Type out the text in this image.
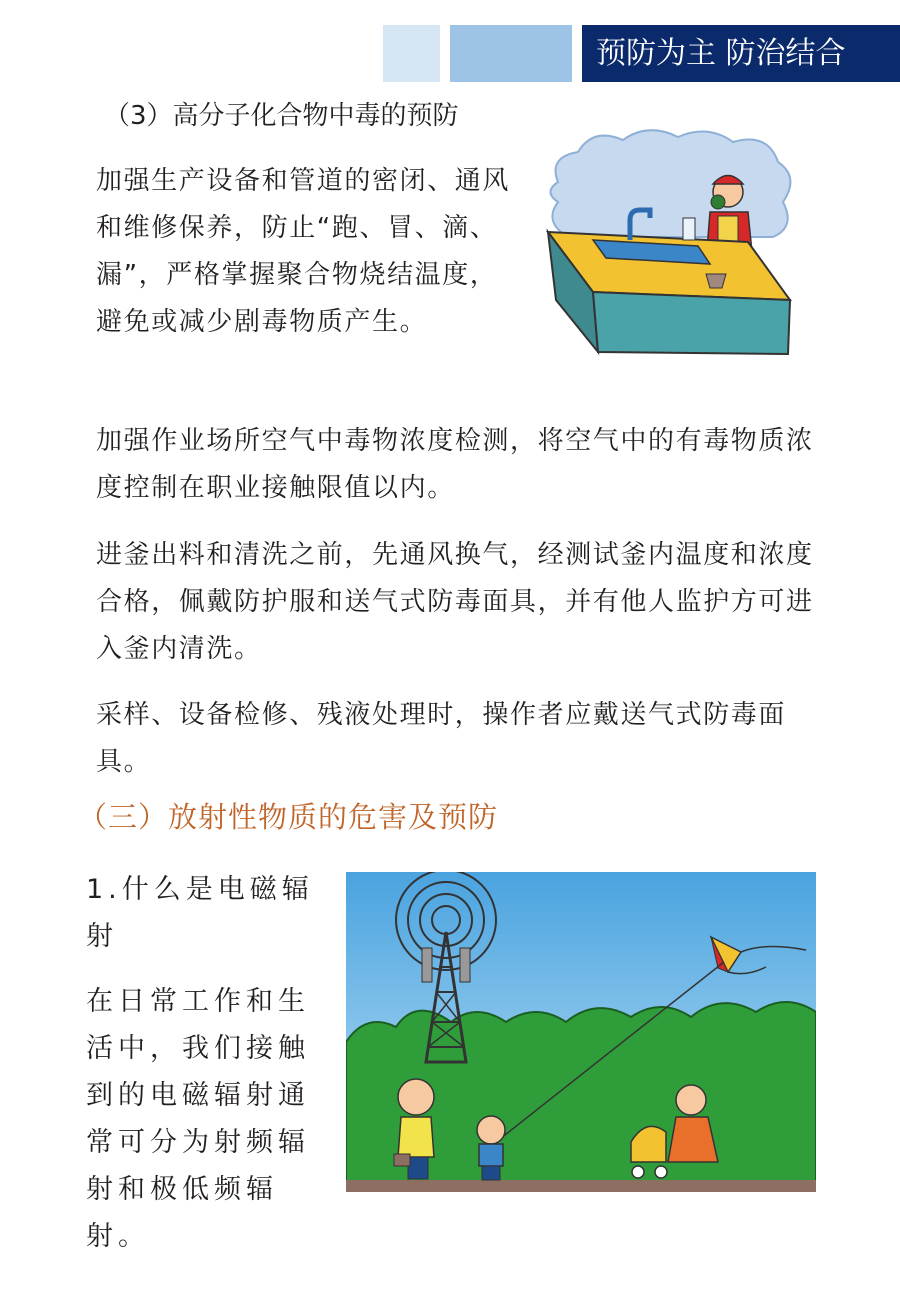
预防为主 防治结合
（3）高分子化合物中毒的预防
加强生产设备和管道的密闭、通风和维修保养，防止“跑、冒、滴、漏”，严格掌握聚合物烧结温度，避免或减少剧毒物质产生。
加强作业场所空气中毒物浓度检测，将空气中的有毒物质浓度控制在职业接触限值以内。
进釜出料和清洗之前，先通风换气，经测试釜内温度和浓度合格，佩戴防护服和送气式防毒面具，并有他人监护方可进入釜内清洗。
采样、设备检修、残液处理时，操作者应戴送气式防毒面具。
（三）放射性物质的危害及预防
1.什么是电磁辐射
在日常工作和生活中，我们接触到的电磁辐射通常可分为射频辐射和极低频辐射。
